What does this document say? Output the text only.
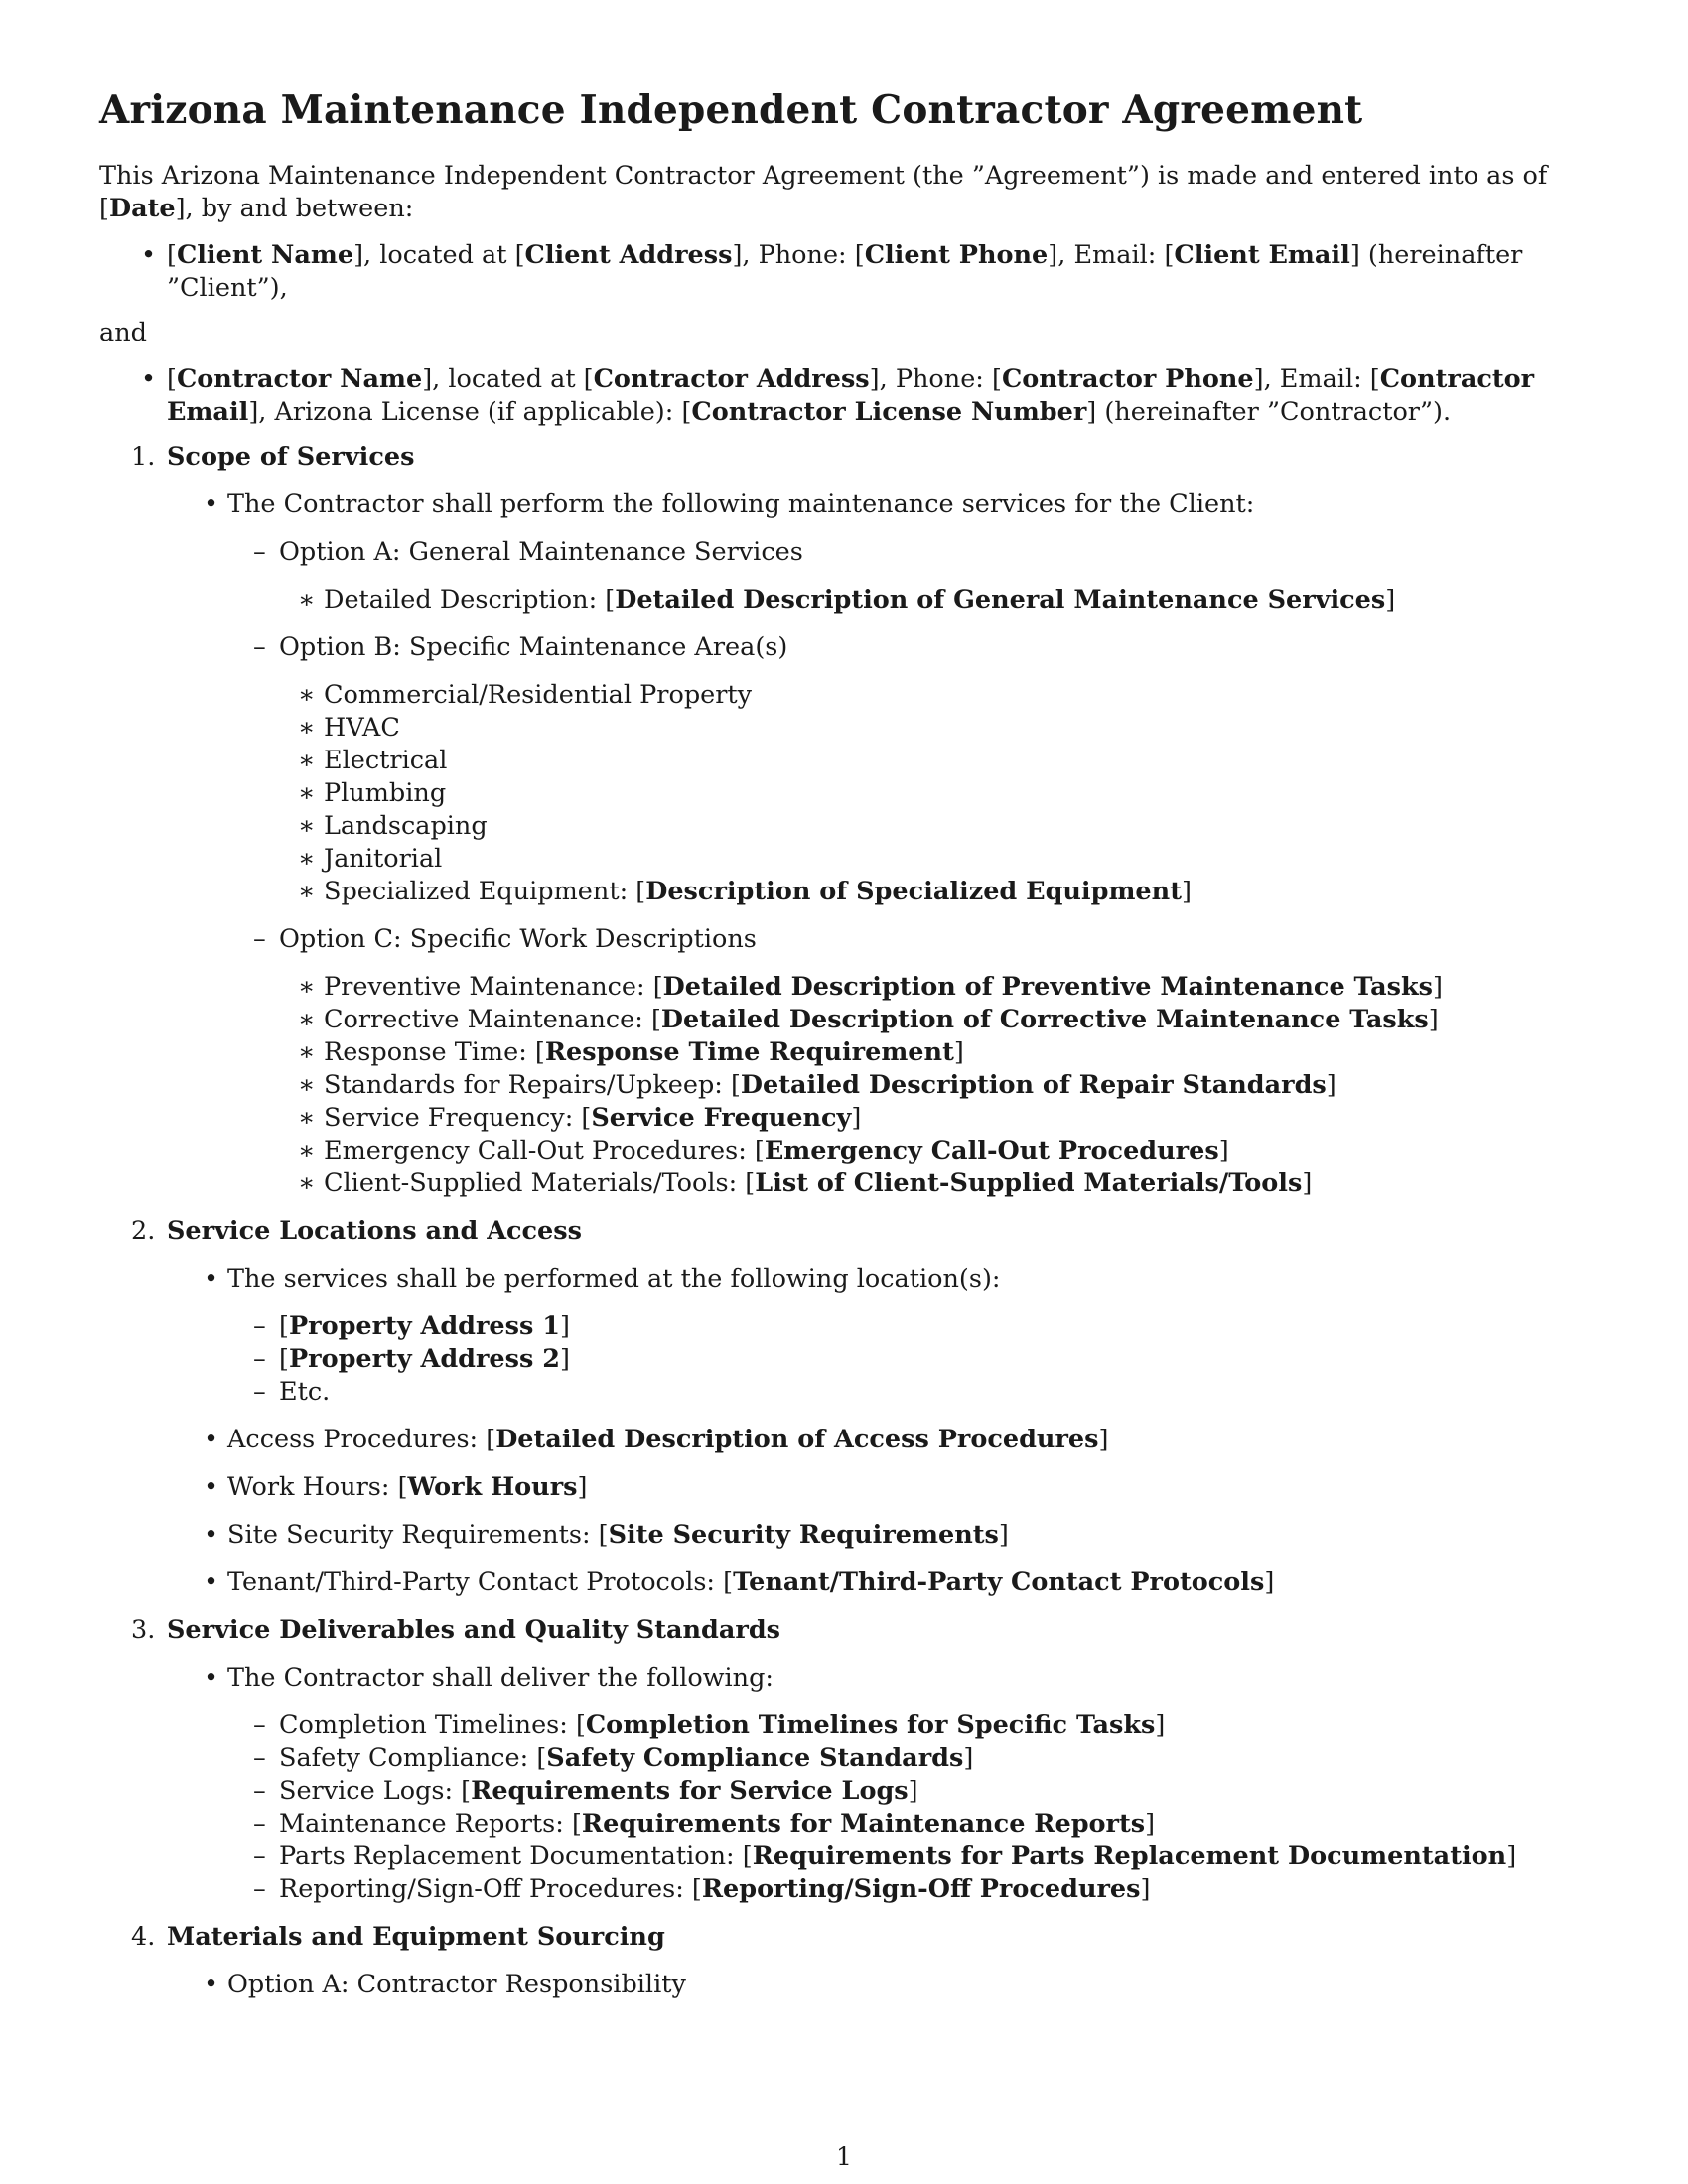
Arizona Maintenance Independent Contractor Agreement

This Arizona Maintenance Independent Contractor Agreement (the ”Agreement”) is made and entered into as of [Date], by and between:

• [Client Name], located at [Client Address], Phone: [Client Phone], Email: [Client Email] (hereinafter ”Client”),

and

• [Contractor Name], located at [Contractor Address], Phone: [Contractor Phone], Email: [Contractor Email], Arizona License (if applicable): [Contractor License Number] (hereinafter ”Contractor”).
1. Scope of Services
• The Contractor shall perform the following maintenance services for the Client:
– Option A: General Maintenance Services
∗ Detailed Description: [Detailed Description of General Maintenance Services]
– Option B: Specific Maintenance Area(s)
∗ Commercial/Residential Property
∗ HVAC
∗ Electrical
∗ Plumbing
∗ Landscaping
∗ Janitorial
∗ Specialized Equipment: [Description of Specialized Equipment]
– Option C: Specific Work Descriptions
∗ Preventive Maintenance: [Detailed Description of Preventive Maintenance Tasks]
∗ Corrective Maintenance: [Detailed Description of Corrective Maintenance Tasks]
∗ Response Time: [Response Time Requirement]
∗ Standards for Repairs/Upkeep: [Detailed Description of Repair Standards]
∗ Service Frequency: [Service Frequency]
∗ Emergency Call-Out Procedures: [Emergency Call-Out Procedures]
∗ Client-Supplied Materials/Tools: [List of Client-Supplied Materials/Tools]
2. Service Locations and Access
• The services shall be performed at the following location(s):
– [Property Address 1]
– [Property Address 2]
– Etc.
• Access Procedures: [Detailed Description of Access Procedures]
• Work Hours: [Work Hours]
• Site Security Requirements: [Site Security Requirements]
• Tenant/Third-Party Contact Protocols: [Tenant/Third-Party Contact Protocols]
3. Service Deliverables and Quality Standards
• The Contractor shall deliver the following:
– Completion Timelines: [Completion Timelines for Specific Tasks]
– Safety Compliance: [Safety Compliance Standards]
– Service Logs: [Requirements for Service Logs]
– Maintenance Reports: [Requirements for Maintenance Reports]
– Parts Replacement Documentation: [Requirements for Parts Replacement Documentation]
– Reporting/Sign-Off Procedures: [Reporting/Sign-Off Procedures]
4. Materials and Equipment Sourcing
• Option A: Contractor Responsibility
1
